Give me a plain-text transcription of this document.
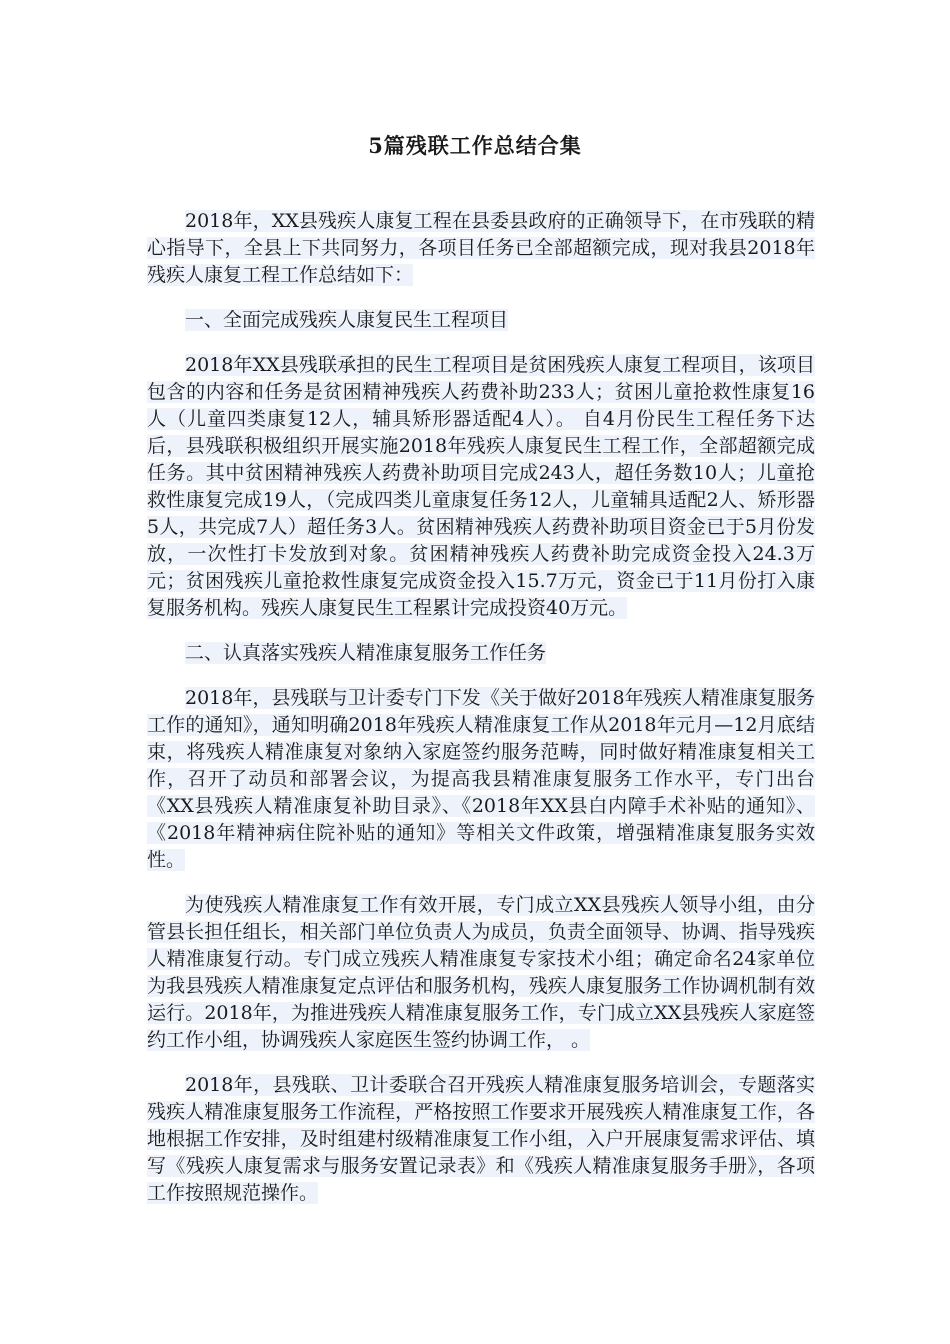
5篇残联工作总结合集

2018年，XX县残疾人康复工程在县委县政府的正确领导下，在市残联的精心指导下，全县上下共同努力，各项目任务已全部超额完成，现对我县2018年残疾人康复工程工作总结如下：

一、全面完成残疾人康复民生工程项目

2018年XX县残联承担的民生工程项目是贫困残疾人康复工程项目，该项目包含的内容和任务是贫困精神残疾人药费补助233人；贫困儿童抢救性康复16人（儿童四类康复12人，辅具矫形器适配4人）。 自4月份民生工程任务下达后，县残联积极组织开展实施2018年残疾人康复民生工程工作，全部超额完成任务。其中贫困精神残疾人药费补助项目完成243人，超任务数10人；儿童抢救性康复完成19人，（完成四类儿童康复任务12人，儿童辅具适配2人、矫形器5人，共完成7人）超任务3人。贫困精神残疾人药费补助项目资金已于5月份发放，一次性打卡发放到对象。贫困精神残疾人药费补助完成资金投入24.3万元；贫困残疾儿童抢救性康复完成资金投入15.7万元，资金已于11月份打入康复服务机构。残疾人康复民生工程累计完成投资40万元。

二、认真落实残疾人精准康复服务工作任务

2018年，县残联与卫计委专门下发《关于做好2018年残疾人精准康复服务工作的通知》，通知明确2018年残疾人精准康复工作从2018年元月—12月底结束，将残疾人精准康复对象纳入家庭签约服务范畴，同时做好精准康复相关工作，召开了动员和部署会议，为提高我县精准康复服务工作水平，专门出台《XX县残疾人精准康复补助目录》、《2018年XX县白内障手术补贴的通知》、《2018年精神病住院补贴的通知》等相关文件政策，增强精准康复服务实效性。

为使残疾人精准康复工作有效开展，专门成立XX县残疾人领导小组，由分管县长担任组长，相关部门单位负责人为成员，负责全面领导、协调、指导残疾人精准康复行动。专门成立残疾人精准康复专家技术小组；确定命名24家单位为我县残疾人精准康复定点评估和服务机构，残疾人康复服务工作协调机制有效运行。2018年，为推进残疾人精准康复服务工作，专门成立XX县残疾人家庭签约工作小组，协调残疾人家庭医生签约协调工作， 。

2018年，县残联、卫计委联合召开残疾人精准康复服务培训会，专题落实残疾人精准康复服务工作流程，严格按照工作要求开展残疾人精准康复工作，各地根据工作安排，及时组建村级精准康复工作小组，入户开展康复需求评估、填写《残疾人康复需求与服务安置记录表》和《残疾人精准康复服务手册》，各项工作按照规范操作。
